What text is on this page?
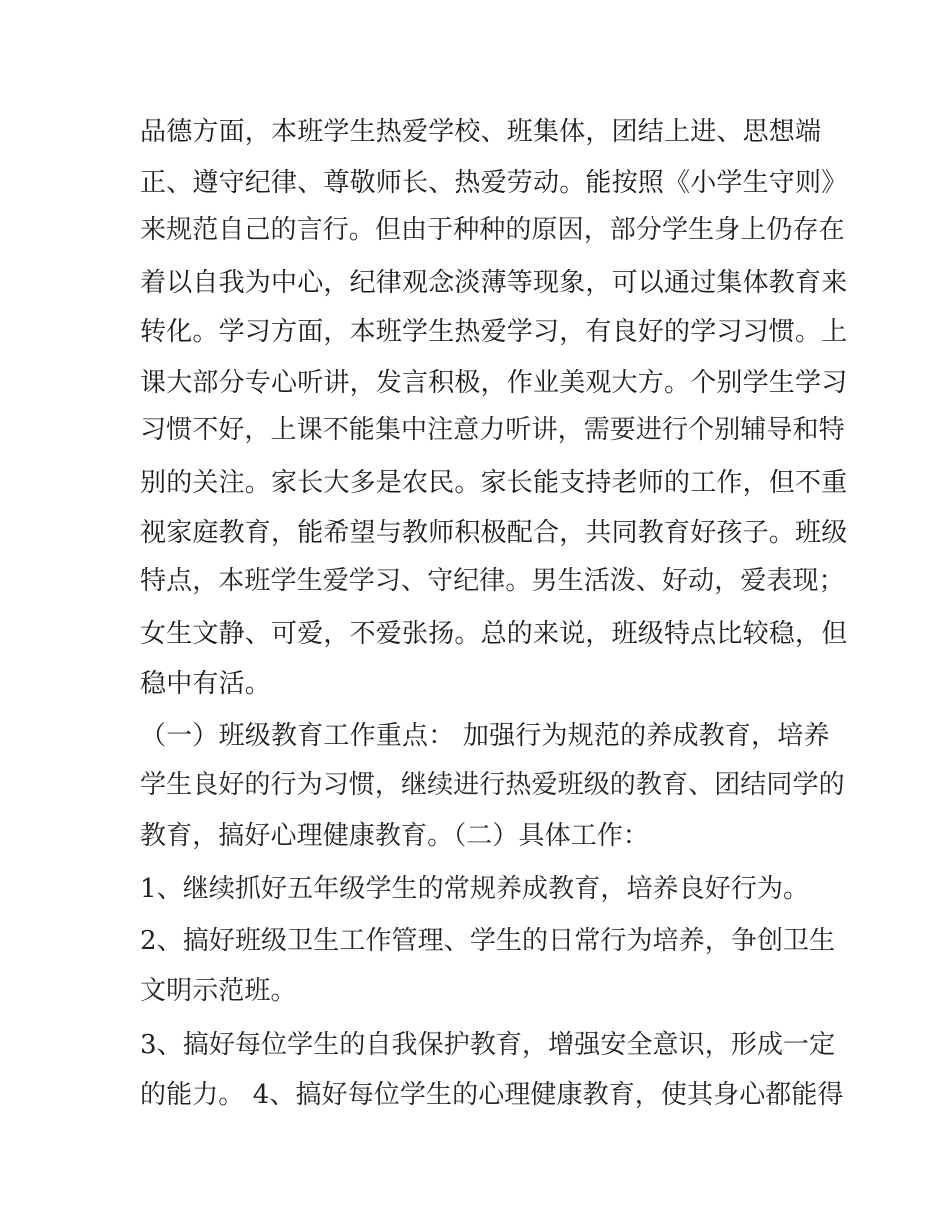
品德方面，本班学生热爱学校、班集体，团结上进、思想端
正、遵守纪律、尊敬师长、热爱劳动。能按照《小学生守则》
来规范自己的言行。但由于种种的原因，部分学生身上仍存在
着以自我为中心，纪律观念淡薄等现象，可以通过集体教育来
转化。学习方面，本班学生热爱学习，有良好的学习习惯。上
课大部分专心听讲，发言积极，作业美观大方。个别学生学习
习惯不好，上课不能集中注意力听讲，需要进行个别辅导和特
别的关注。家长大多是农民。家长能支持老师的工作，但不重
视家庭教育，能希望与教师积极配合，共同教育好孩子。班级
特点，本班学生爱学习、守纪律。男生活泼、好动，爱表现；
女生文静、可爱，不爱张扬。总的来说，班级特点比较稳，但
稳中有活。
（一）班级教育工作重点： 加强行为规范的养成教育，培养
学生良好的行为习惯，继续进行热爱班级的教育、团结同学的
教育，搞好心理健康教育。（二）具体工作：
1、继续抓好五年级学生的常规养成教育，培养良好行为。
2、搞好班级卫生工作管理、学生的日常行为培养，争创卫生
文明示范班。
3、搞好每位学生的自我保护教育，增强安全意识，形成一定
的能力。 4、搞好每位学生的心理健康教育，使其身心都能得
